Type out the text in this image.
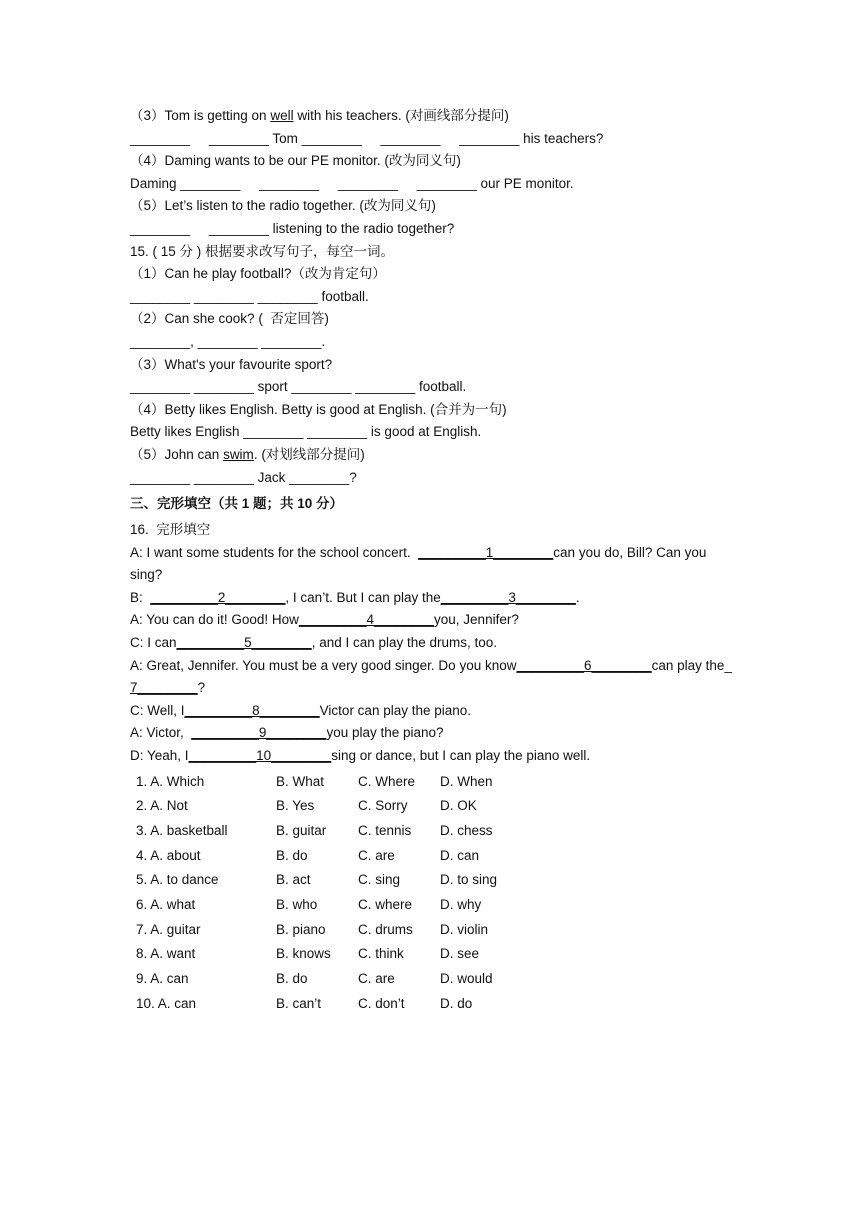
（3）Tom is getting on well with his teachers. (对画线部分提问)
________     ________ Tom ________     ________     ________ his teachers?
（4）Daming wants to be our PE monitor. (改为同义句)
Daming ________     ________     ________     ________ our PE monitor.
（5）Let’s listen to the radio together. (改为同义句)
________     ________ listening to the radio together?
15. ( 15 分 ) 根据要求改写句子，每空一词。
（1）Can he play football?（改为肯定句）
________ ________ ________ football.
（2）Can she cook? (  否定回答)
________, ________ ________.
（3）What's your favourite sport?
________ ________ sport ________ ________ football.
（4）Betty likes English. Betty is good at English. (合并为一句)
Betty likes English ________ ________ is good at English.
（5）John can swim. (对划线部分提问)
________ ________ Jack ________?
三、完形填空（共 1 题；共 10 分）
16.  完形填空
A: I want some students for the school concert.  _________1________can you do, Bill? Can you
sing?
B:  _________2________, I can’t. But I can play the_________3________.
A: You can do it! Good! How_________4________you, Jennifer?
C: I can_________5________, and I can play the drums, too.
A: Great, Jennifer. You must be a very good singer. Do you know_________6________can play the_
7________?
C: Well, I_________8________Victor can play the piano.
A: Victor,  _________9________you play the piano?
D: Yeah, I_________10________sing or dance, but I can play the piano well.
1. A. Which	B. What	C. Where	D. When
2. A. Not	B. Yes	C. Sorry	D. OK
3. A. basketball	B. guitar	C. tennis	D. chess
4. A. about	B. do	C. are	D. can
5. A. to dance	B. act	C. sing	D. to sing
6. A. what	B. who	C. where	D. why
7. A. guitar	B. piano	C. drums	D. violin
8. A. want	B. knows	C. think	D. see
9. A. can	B. do	C. are	D. would
10. A. can	B. can’t	C. don’t	D. do
